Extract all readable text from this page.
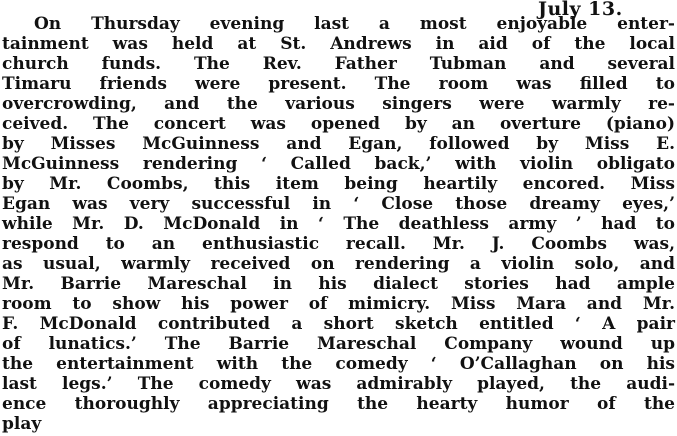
July 13.
On Thursday evening last a most enjoyable enter-
tainment was held at St. Andrews in aid of the local
church funds. The Rev. Father Tubman and several
Timaru friends were present. The room was filled to
overcrowding, and the various singers were warmly re-
ceived. The concert was opened by an overture (piano)
by Misses McGuinness and Egan, followed by Miss E.
McGuinness rendering ‘ Called back,’ with violin obligato
by Mr. Coombs, this item being heartily encored. Miss
Egan was very successful in ‘ Close those dreamy eyes,’
while Mr. D. McDonald in ‘ The deathless army ’ had to
respond to an enthusiastic recall. Mr. J. Coombs was,
as usual, warmly received on rendering a violin solo, and
Mr. Barrie Mareschal in his dialect stories had ample
room to show his power of mimicry. Miss Mara and Mr.
F. McDonald contributed a short sketch entitled ‘ A pair
of lunatics.’ The Barrie Mareschal Company wound up
the entertainment with the comedy ‘ O’Callaghan on his
last legs.’ The comedy was admirably played, the audi-
ence thoroughly appreciating the hearty humor of the
play
